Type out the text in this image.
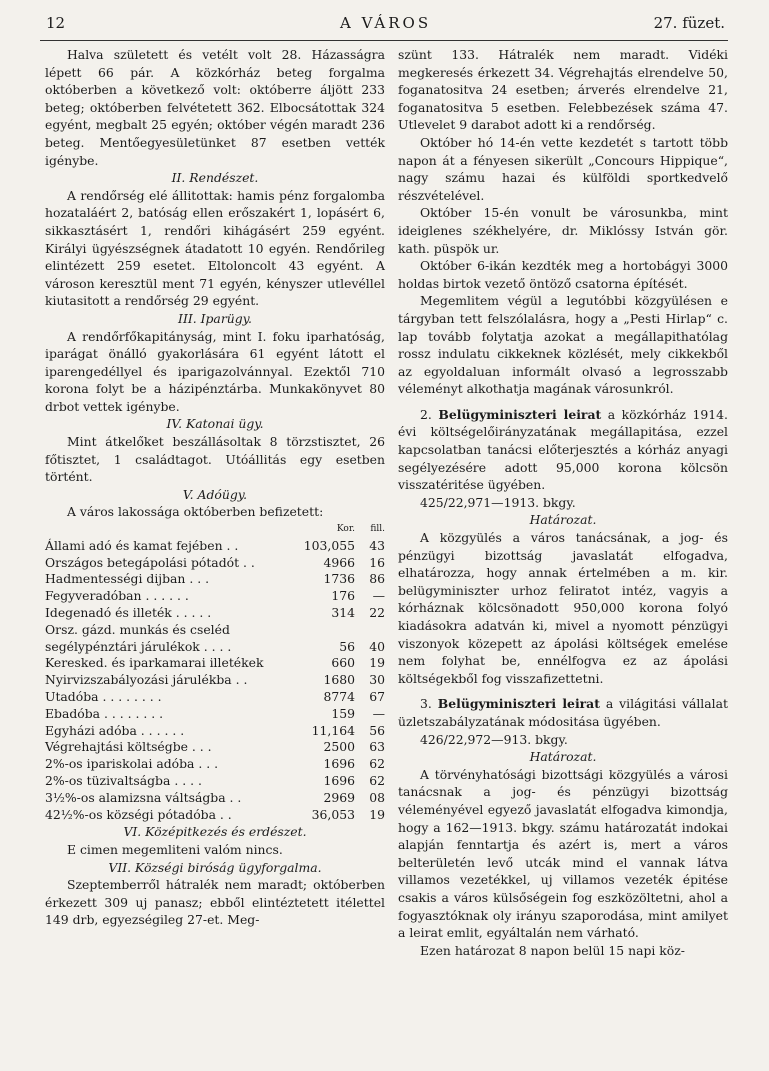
12	A VÁROS	27. füzet.

Halva született és vetélt volt 28. Házasságra lépett 66 pár. A közkórház beteg forgalma októberben a következő volt: októberre áljött 233 beteg; októberben felvétetett 362. Elbocsátottak 324 egyént, megbalt 25 egyén; október végén maradt 236 beteg. Mentőegyesületünket 87 esetben vették igénybe.

II. Rendészet.

A rendőrség elé állitottak: hamis pénz forgalomba hozataláért 2, batóság ellen erőszakért 1, lopásért 6, sikkasztásért 1, rendőri kihágásért 259 egyént. Királyi ügyészségnek átadatott 10 egyén. Rendőrileg elintézett 259 esetet. Eltoloncolt 43 egyént. A városon keresztül ment 71 egyén, kényszer utlevéllel kiutasitott a rendőrség 29 egyént.

III. Iparügy.

A rendőrfőkapitányság, mint I. foku iparhatóság, iparágat önálló gyakorlására 61 egyént látott el iparengedéllyel és iparigazolvánnyal. Ezektől 710 korona folyt be a házipénztárba. Munkakönyvet 80 drbot vettek igénybe.

IV. Katonai ügy.

Mint átkelőket beszállásoltak 8 törzstisztet, 26 főtisztet, 1 családtagot. Utóállitás egy esetben történt.

V. Adóügy.

A város lakossága októberben befizetett:

	Kor.	fill.
Állami adó és kamat fejében . .	103,055	43
Országos betegápolási pótadót . .	4966	16
Hadmentességi dijban . . .	1736	86
Fegyveradóban . . . . . .	176	—
Idegenadó és illeték . . . . .	314	22
Orsz. gázd. munkás és cseléd segélypénztári járulékok . . . .	56	40
Keresked. és iparkamarai illetékek	660	19
Nyirvizszabályozási járulékba . .	1680	30
Utadóba . . . . . . . .	8774	67
Ebadóba . . . . . . . .	159	—
Egyházi adóba . . . . . .	11,164	56
Végrehajtási költségbe . . .	2500	63
2%-os ipariskolai adóba . . .	1696	62
2%-os tüzivaltságba . . . .	1696	62
3½%-os alamizsna váltságba . .	2969	08
42½%-os községi pótadóba . .	36,053	19

VI. Középitkezés és erdészet.

E cimen megemliteni valóm nincs.

VII. Községi biróság ügyforgalma.

Szeptemberről hátralék nem maradt; októberben érkezett 309 uj panasz; ebből elintéztetett itélettel 149 drb, egyezségileg 27-et. Meg-

szünt 133. Hátralék nem maradt. Vidéki megkeresés érkezett 34. Végrehajtás elrendelve 50, foganatositva 24 esetben; árverés elrendelve 21, foganatositva 5 esetben. Felebbezések száma 47. Utlevelet 9 darabot adott ki a rendőrség.

Október hó 14-én vette kezdetét s tartott több napon át a fényesen sikerült „Concours Hippique“, nagy számu hazai és külföldi sportkedvelő részvételével.

Október 15-én vonult be városunkba, mint ideiglenes székhelyére, dr. Miklóssy István gör. kath. püspök ur.

Október 6-ikán kezdték meg a hortobágyi 3000 holdas birtok vezető öntöző csatorna építését.

Megemlitem végül a legutóbbi közgyülésen e tárgyban tett felszólalásra, hogy a „Pesti Hirlap“ c. lap tovább folytatja azokat a megállapithatólag rossz indulatu cikkeknek közlését, mely cikkekből az egyoldaluan informált olvasó a legrosszabb véleményt alkothatja magának városunkról.

2. Belügyminiszteri leirat a közkórház 1914. évi költségelőirányzatának megállapitása, ezzel kapcsolatban tanácsi előterjesztés a kórház anyagi segélyezésére adott 95,000 korona kölcsön visszatéritése ügyében.

425/22,971—1913. bkgy.

Határozat.

A közgyülés a város tanácsának, a jog- és pénzügyi bizottság javaslatát elfogadva, elhatározza, hogy annak értelmében a m. kir. belügyminiszter urhoz feliratot intéz, vagyis a kórháznak kölcsönadott 950,000 korona folyó kiadásokra adatván ki, mivel a nyomott pénzügyi viszonyok közepett az ápolási költségek emelése nem folyhat be, ennélfogva ez az ápolási költségekből fog visszafizettetni.

3. Belügyminiszteri leirat a világitási vállalat üzletszabályzatának módositása ügyében.

426/22,972—913. bkgy.

Határozat.

A törvényhatósági bizottsági közgyülés a városi tanácsnak a jog- és pénzügyi bizottság véleményével egyező javaslatát elfogadva kimondja, hogy a 162—1913. bkgy. számu határozatát indokai alapján fenntartja és azért is, mert a város belterületén levő utcák mind el vannak látva villamos vezetékkel, uj villamos vezeték épitése csakis a város külsőségein fog eszközöltetni, ahol a fogyasztóknak oly irányu szaporodása, mint amilyet a leirat emlit, egyáltalán nem várható.

Ezen határozat 8 napon belül 15 napi köz-
